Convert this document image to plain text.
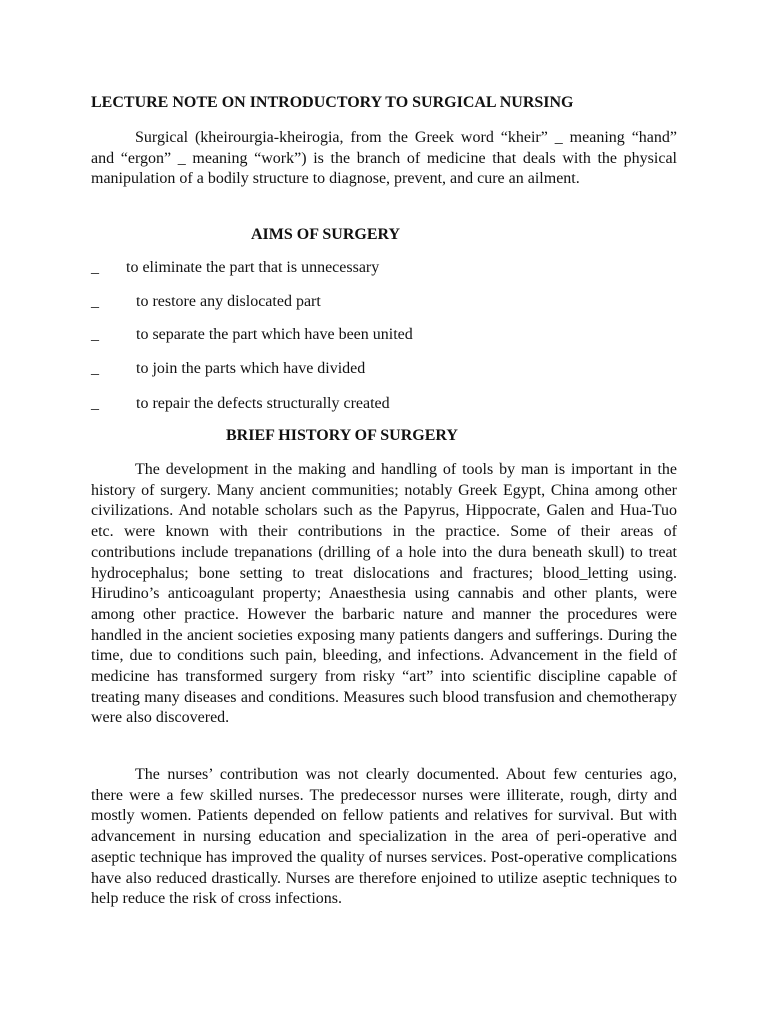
LECTURE NOTE ON INTRODUCTORY TO SURGICAL NURSING

Surgical (kheirourgia-kheirogia, from the Greek word “kheir” _ meaning “hand” and “ergon” _ meaning “work”) is the branch of medicine that deals with the physical manipulation of a bodily structure to diagnose, prevent, and cure an ailment.

AIMS OF SURGERY
_ to eliminate the part that is unnecessary
_ to restore any dislocated part
_ to separate the part which have been united
_ to join the parts which have divided
_ to repair the defects structurally created
BRIEF HISTORY OF SURGERY

The development in the making and handling of tools by man is important in the history of surgery. Many ancient communities; notably Greek Egypt, China among other civilizations. And notable scholars such as the Papyrus, Hippocrate, Galen and Hua-Tuo etc. were known with their contributions in the practice. Some of their areas of contributions include trepanations (drilling of a hole into the dura beneath skull) to treat hydrocephalus; bone setting to treat dislocations and fractures; blood_letting using. Hirudino’s anticoagulant property; Anaesthesia using cannabis and other plants, were among other practice. However the barbaric nature and manner the procedures were handled in the ancient societies exposing many patients dangers and sufferings. During the time, due to conditions such pain, bleeding, and infections. Advancement in the field of medicine has transformed surgery from risky “art” into scientific discipline capable of treating many diseases and conditions. Measures such blood transfusion and chemotherapy were also discovered.

The nurses’ contribution was not clearly documented. About few centuries ago, there were a few skilled nurses. The predecessor nurses were illiterate, rough, dirty and mostly women. Patients depended on fellow patients and relatives for survival. But with advancement in nursing education and specialization in the area of peri-operative and aseptic technique has improved the quality of nurses services. Post-operative complications have also reduced drastically. Nurses are therefore enjoined to utilize aseptic techniques to help reduce the risk of cross infections.
